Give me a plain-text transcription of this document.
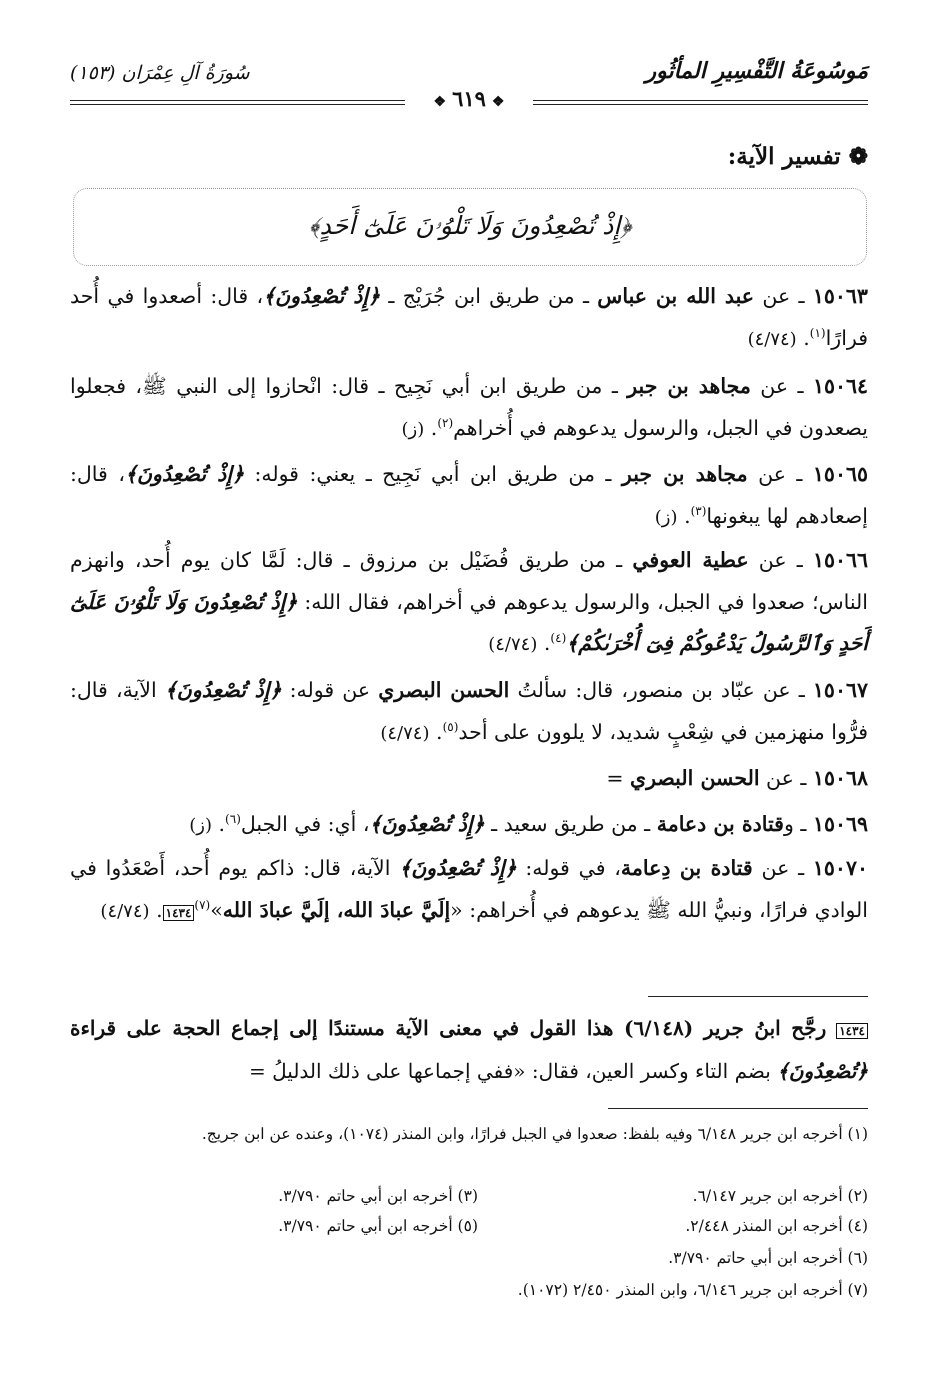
مَوسُوعَةُ التَّفْسِيرِ المأثُور
سُورَةُ آلِ عِمْرَان (١٥٣)
❖٦١٩❖
❁ تفسير الآية:
﴿إِذْ تُصْعِدُونَ وَلَا تَلْوُۥنَ عَلَىٰٓ أَحَدٍ﴾
١٥٠٦٣ ـ عن عبد الله بن عباس ـ من طريق ابن جُرَيْج ـ ﴿إِذْ تُصْعِدُونَ﴾، قال: أصعدوا في أُحد فرارًا$^{(١)}$. (٤/٧٤)
١٥٠٦٤ ـ عن مجاهد بن جبر ـ من طريق ابن أبي نَجِيح ـ قال: انْحازوا إلى النبي ﷺ، فجعلوا يصعدون في الجبل، والرسول يدعوهم في أُخراهم$^{(٢)}$. (ز)
١٥٠٦٥ ـ عن مجاهد بن جبر ـ من طريق ابن أبي نَجِيح ـ يعني: قوله: ﴿إِذْ تُصْعِدُونَ﴾، قال: إصعادهم لها يبغونها$^{(٣)}$. (ز)
١٥٠٦٦ ـ عن عطية العوفي ـ من طريق فُضَيْل بن مرزوق ـ قال: لَمَّا كان يوم أُحد، وانهزم الناس؛ صعدوا في الجبل، والرسول يدعوهم في أخراهم، فقال الله: ﴿إِذْ تُصْعِدُونَ وَلَا تَلْوُۥنَ عَلَىٰٓ أَحَدٍ وَٱلرَّسُولُ يَدْعُوكُمْ فِىٓ أُخْرَىٰكُمْ﴾$^{(٤)}$. (٤/٧٤)
١٥٠٦٧ ـ عن عبّاد بن منصور، قال: سألتُ الحسن البصري عن قوله: ﴿إِذْ تُصْعِدُونَ﴾ الآية، قال: فرُّوا منهزمين في شِعْبٍ شديد، لا يلوون على أحد$^{(٥)}$. (٤/٧٤)
١٥٠٦٨ ـ عن الحسن البصري =
١٥٠٦٩ ـ وقتادة بن دعامة ـ من طريق سعيد ـ ﴿إِذْ تُصْعِدُونَ﴾، أي: في الجبل$^{(٦)}$. (ز)
١٥٠٧٠ ـ عن قتادة بن دِعامة، في قوله: ﴿إِذْ تُصْعِدُونَ﴾ الآية، قال: ذاكم يوم أُحد، أَصْعَدُوا في الوادي فرارًا، ونبيُّ الله ﷺ يدعوهم في أُخراهم: «إلَيَّ عبادَ الله، إلَيَّ عبادَ الله»$^{(٧)}$١٤٣٤. (٤/٧٤)
١٤٣٤ رجَّح ابنُ جرير (٦/١٤٨) هذا القول في معنى الآية مستندًا إلى إجماع الحجة على قراءة ﴿تُصْعِدُونَ﴾ بضم التاء وكسر العين، فقال: «ففي إجماعها على ذلك الدليلُ =
(١) أخرجه ابن جرير ٦/١٤٨ وفيه بلفظ: صعدوا في الجبل فرارًا، وابن المنذر (١٠٧٤)، وعنده عن ابن جريج.
(٢) أخرجه ابن جرير ٦/١٤٧.
(٣) أخرجه ابن أبي حاتم ٣/٧٩٠.
(٤) أخرجه ابن المنذر ٢/٤٤٨.
(٥) أخرجه ابن أبي حاتم ٣/٧٩٠.
(٦) أخرجه ابن أبي حاتم ٣/٧٩٠.
(٧) أخرجه ابن جرير ٦/١٤٦، وابن المنذر ٢/٤٥٠ (١٠٧٢).
